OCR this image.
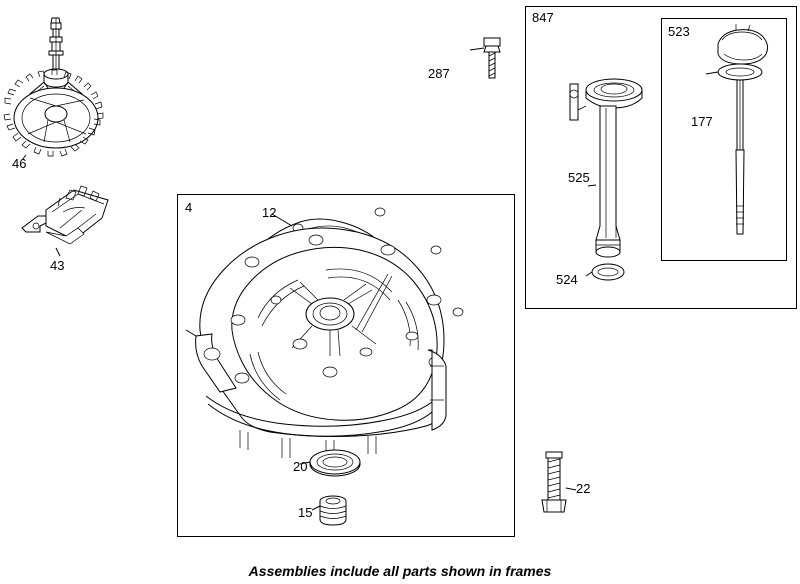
4
847
523
46
43
287
12
20
15
22
525
524
177
Assemblies include all parts shown in frames
